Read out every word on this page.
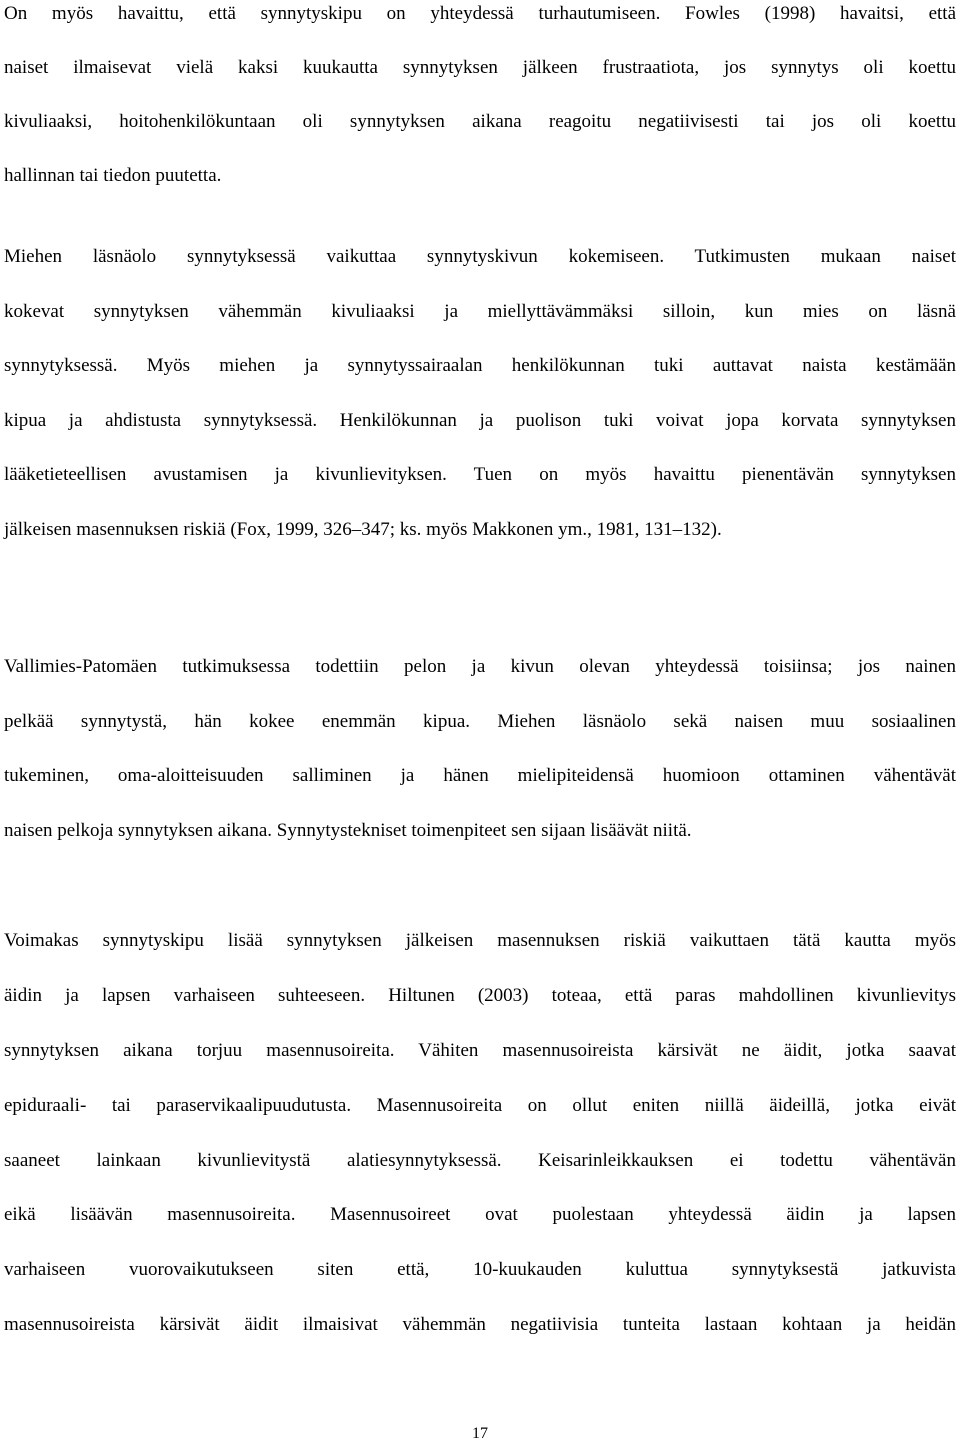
On myös havaittu, että synnytyskipu on yhteydessä turhautumiseen. Fowles (1998) havaitsi, että
naiset ilmaisevat vielä kaksi kuukautta synnytyksen jälkeen frustraatiota, jos synnytys oli koettu
kivuliaaksi, hoitohenkilökuntaan oli synnytyksen aikana reagoitu negatiivisesti tai jos oli koettu
hallinnan tai tiedon puutetta.
Miehen läsnäolo synnytyksessä vaikuttaa synnytyskivun kokemiseen. Tutkimusten mukaan naiset
kokevat synnytyksen vähemmän kivuliaaksi ja miellyttävämmäksi silloin, kun mies on läsnä
synnytyksessä. Myös miehen ja synnytyssairaalan henkilökunnan tuki auttavat naista kestämään
kipua ja ahdistusta synnytyksessä. Henkilökunnan ja puolison tuki voivat jopa korvata synnytyksen
lääketieteellisen avustamisen ja kivunlievityksen. Tuen on myös havaittu pienentävän synnytyksen
jälkeisen masennuksen riskiä (Fox, 1999, 326–347; ks. myös Makkonen ym., 1981, 131–132).
Vallimies-Patomäen tutkimuksessa todettiin pelon ja kivun olevan yhteydessä toisiinsa; jos nainen
pelkää synnytystä, hän kokee enemmän kipua. Miehen läsnäolo sekä naisen muu sosiaalinen
tukeminen, oma-aloitteisuuden salliminen ja hänen mielipiteidensä huomioon ottaminen vähentävät
naisen pelkoja synnytyksen aikana. Synnytystekniset toimenpiteet sen sijaan lisäävät niitä.
Voimakas synnytyskipu lisää synnytyksen jälkeisen masennuksen riskiä vaikuttaen tätä kautta myös
äidin ja lapsen varhaiseen suhteeseen. Hiltunen (2003) toteaa, että paras mahdollinen kivunlievitys
synnytyksen aikana torjuu masennusoireita. Vähiten masennusoireista kärsivät ne äidit, jotka saavat
epiduraali- tai paraservikaalipuudutusta. Masennusoireita on ollut eniten niillä äideillä, jotka eivät
saaneet lainkaan kivunlievitystä alatiesynnytyksessä. Keisarinleikkauksen ei todettu vähentävän
eikä lisäävän masennusoireita. Masennusoireet ovat puolestaan yhteydessä äidin ja lapsen
varhaiseen vuorovaikutukseen siten että, 10-kuukauden kuluttua synnytyksestä jatkuvista
masennusoireista kärsivät äidit ilmaisivat vähemmän negatiivisia tunteita lastaan kohtaan ja heidän
17
